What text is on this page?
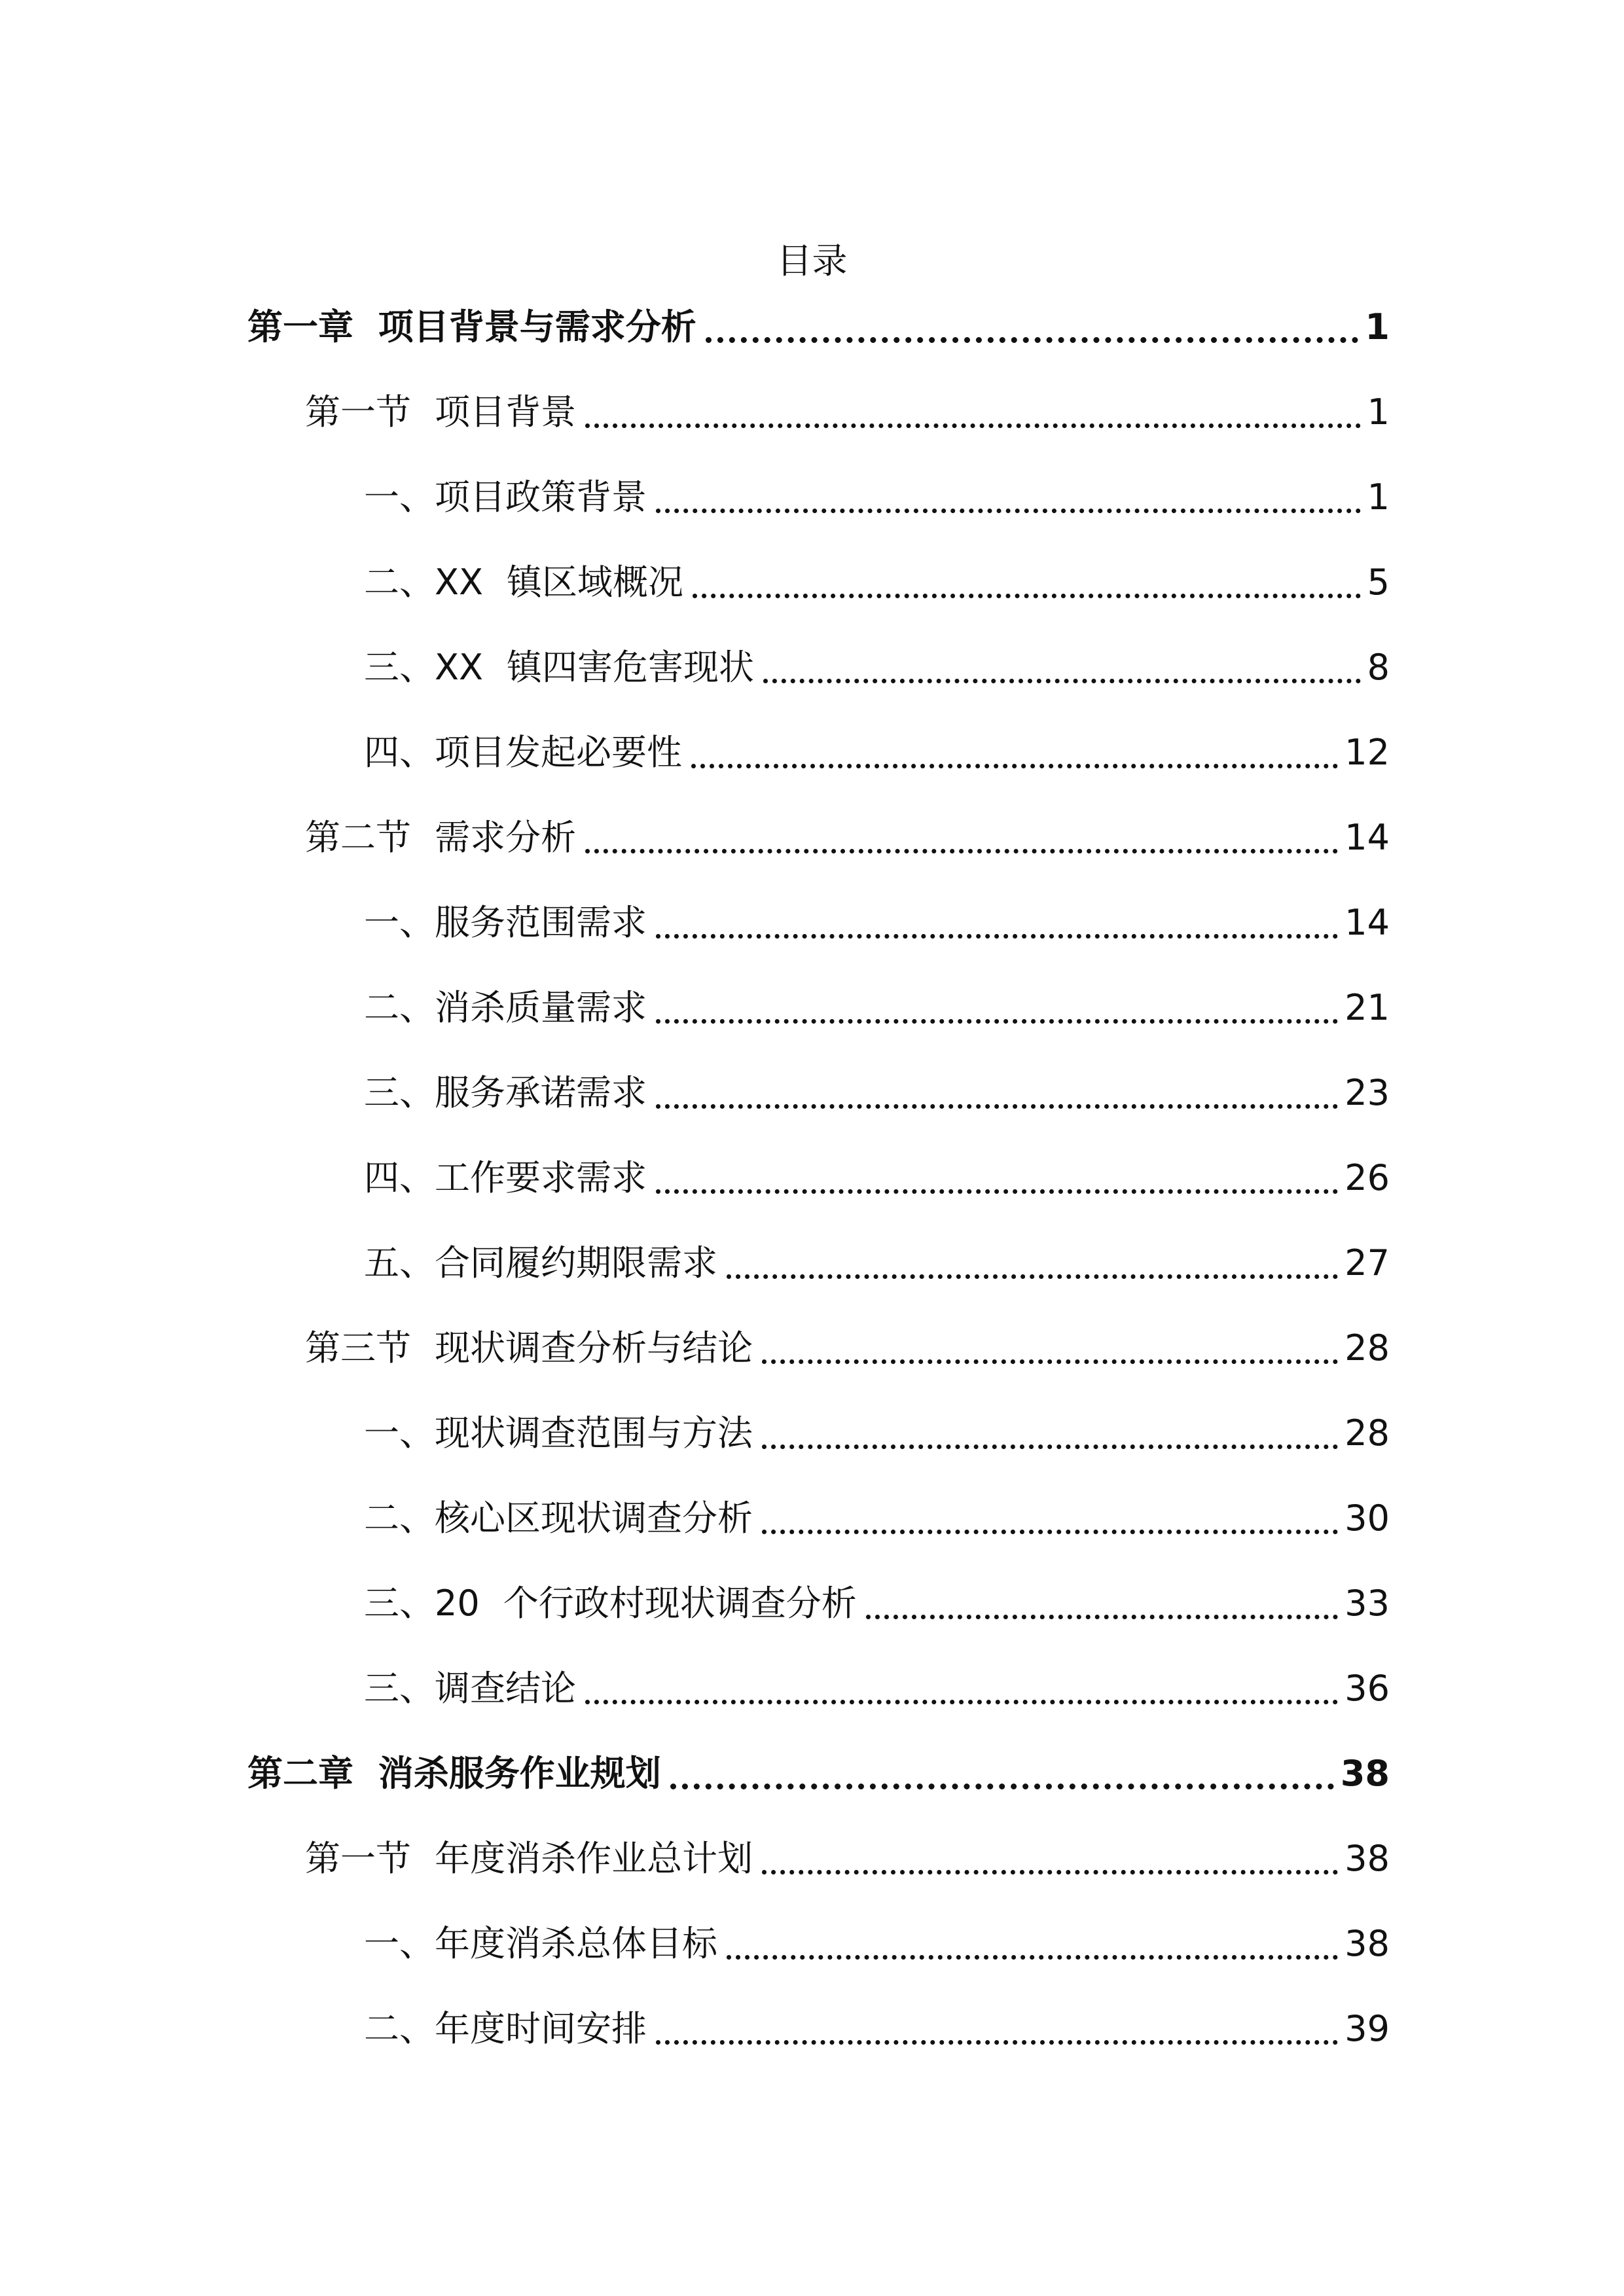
目录
第一章 项目背景与需求分析	1
第一节 项目背景	1
一、项目政策背景	1
二、XX 镇区域概况	5
三、XX 镇四害危害现状	8
四、项目发起必要性	12
第二节 需求分析	14
一、服务范围需求	14
二、消杀质量需求	21
三、服务承诺需求	23
四、工作要求需求	26
五、合同履约期限需求	27
第三节 现状调查分析与结论	28
一、现状调查范围与方法	28
二、核心区现状调查分析	30
三、20 个行政村现状调查分析	33
三、调查结论	36
第二章 消杀服务作业规划	38
第一节 年度消杀作业总计划	38
一、年度消杀总体目标	38
二、年度时间安排	39
